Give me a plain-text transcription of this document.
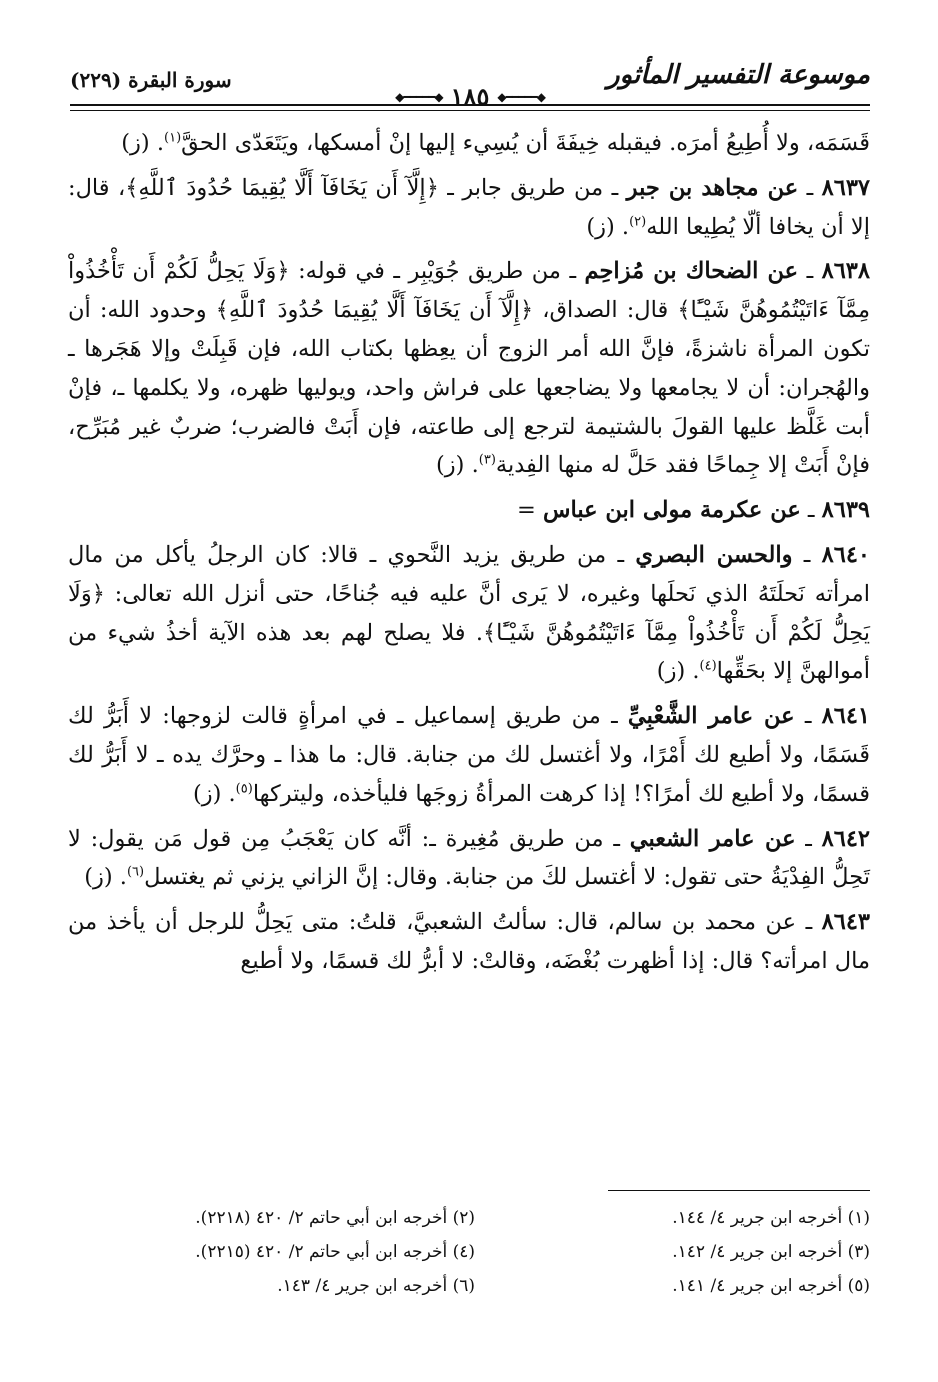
موسوعة التفسير المأثور
◆━━━━━◆ ١٨٥ ◆━━━━━◆
سورة البقرة (٢٢٩)

قَسَمَه، ولا أُطِيعُ أمرَه. فيقبله خِيفَةَ أن يُسِيء إليها إنْ أمسكها، ويَتَعَدّى الحقَّ$^{(١)}$. (ز)

٨٦٣٧ ـ عن مجاهد بن جبر ـ من طريق جابر ـ ﴿إِلَّآ أَن يَخَافَآ أَلَّا يُقِيمَا حُدُودَ ٱللَّهِ﴾، قال: إلا أن يخافا ألّا يُطِيعا الله$^{(٢)}$. (ز)

٨٦٣٨ ـ عن الضحاك بن مُزاحِم ـ من طريق جُوَيْبِر ـ في قوله: ﴿وَلَا يَحِلُّ لَكُمْ أَن تَأْخُذُواْ مِمَّآ ءَاتَيْتُمُوهُنَّ شَيْـًٔا﴾ قال: الصداق، ﴿إِلَّآ أَن يَخَافَآ أَلَّا يُقِيمَا حُدُودَ ٱللَّهِ﴾ وحدود الله: أن تكون المرأة ناشزةً، فإنَّ الله أمر الزوج أن يعِظها بكتاب الله، فإن قَبِلَتْ وإلا هَجَرها ـ والهُجران: أن لا يجامعها ولا يضاجعها على فراش واحد، ويوليها ظهره، ولا يكلمها ـ، فإنْ أبت غَلَّظ عليها القولَ بالشتيمة لترجع إلى طاعته، فإن أَبَتْ فالضرب؛ ضربٌ غير مُبَرِّح، فإنْ أَبَتْ إلا جِماحًا فقد حَلَّ له منها الفِدية$^{(٣)}$. (ز)

٨٦٣٩ ـ عن عكرمة مولى ابن عباس =

٨٦٤٠ ـ والحسن البصري ـ من طريق يزيد النَّحوي ـ قالا: كان الرجلُ يأكل من مال امرأته نَحلَتَهُ الذي نَحلَها وغيره، لا يَرى أنَّ عليه فيه جُناحًا، حتى أنزل الله تعالى: ﴿وَلَا يَحِلُّ لَكُمْ أَن تَأْخُذُواْ مِمَّآ ءَاتَيْتُمُوهُنَّ شَيْـًٔا﴾. فلا يصلح لهم بعد هذه الآية أخذُ شيء من أموالهنَّ إلا بحَقِّها$^{(٤)}$. (ز)

٨٦٤١ ـ عن عامر الشَّعْبِيِّ ـ من طريق إسماعيل ـ في امرأةٍ قالت لزوجها: لا أَبَرُّ لك قَسَمًا، ولا أطيع لك أَمْرًا، ولا أغتسل لك من جنابة. قال: ما هذا ـ وحرَّك يده ـ لا أَبَرُّ لك قسمًا، ولا أطيع لك أمرًا؟! إذا كرهت المرأةُ زوجَها فليأخذه، وليتركها$^{(٥)}$. (ز)

٨٦٤٢ ـ عن عامر الشعبي ـ من طريق مُغِيرة ـ: أنَّه كان يَعْجَبُ مِن قول مَن يقول: لا تَحِلُّ الفِدْيَةُ حتى تقول: لا أغتسل لكَ من جنابة. وقال: إنَّ الزاني يزني ثم يغتسل$^{(٦)}$. (ز)

٨٦٤٣ ـ عن محمد بن سالم، قال: سألتُ الشعبيَّ، قلتُ: متى يَحِلُّ للرجل أن يأخذ من مال امرأته؟ قال: إذا أظهرت بُغْضَه، وقالتْ: لا أبرُّ لك قسمًا، ولا أطيع

(١) أخرجه ابن جرير ٤/ ١٤٤.
(٢) أخرجه ابن أبي حاتم ٢/ ٤٢٠ (٢٢١٨).
(٣) أخرجه ابن جرير ٤/ ١٤٢.
(٤) أخرجه ابن أبي حاتم ٢/ ٤٢٠ (٢٢١٥).
(٥) أخرجه ابن جرير ٤/ ١٤١.
(٦) أخرجه ابن جرير ٤/ ١٤٣.
